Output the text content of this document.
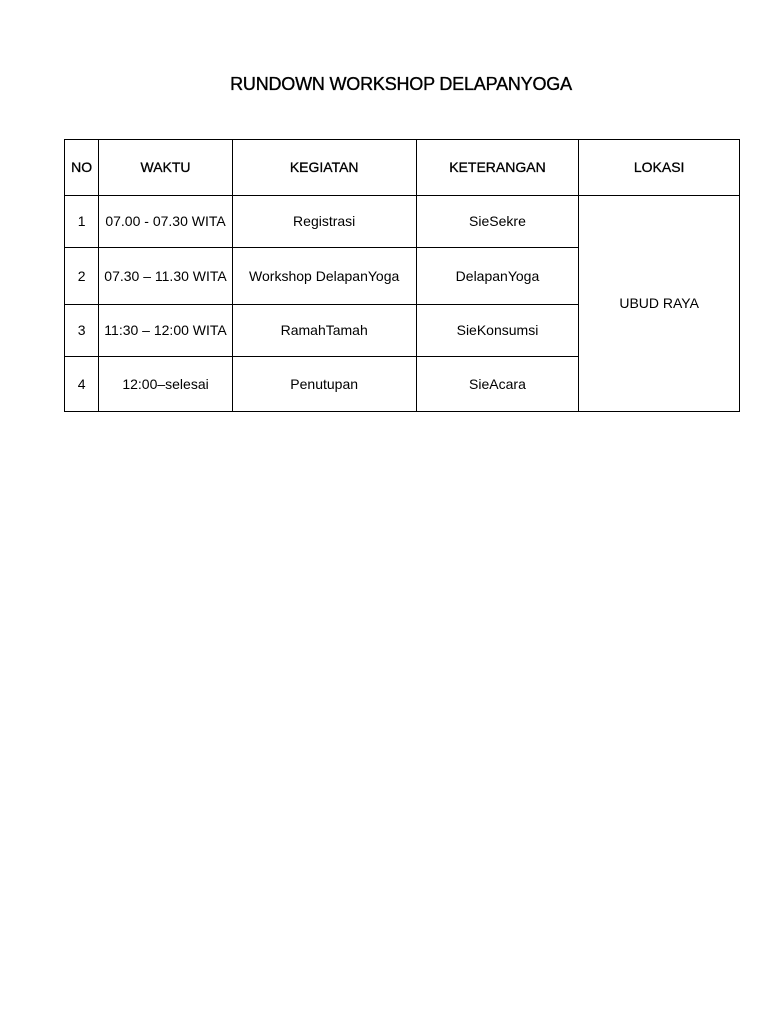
RUNDOWN WORKSHOP DELAPANYOGA
NO	WAKTU	KEGIATAN	KETERANGAN	LOKASI
1	07.00 - 07.30 WITA	Registrasi	SieSekre	UBUD RAYA
2	07.30 – 11.30 WITA	Workshop DelapanYoga	DelapanYoga	
3	11:30 – 12:00 WITA	RamahTamah	SieKonsumsi	
4	12:00–selesai	Penutupan	SieAcara	
